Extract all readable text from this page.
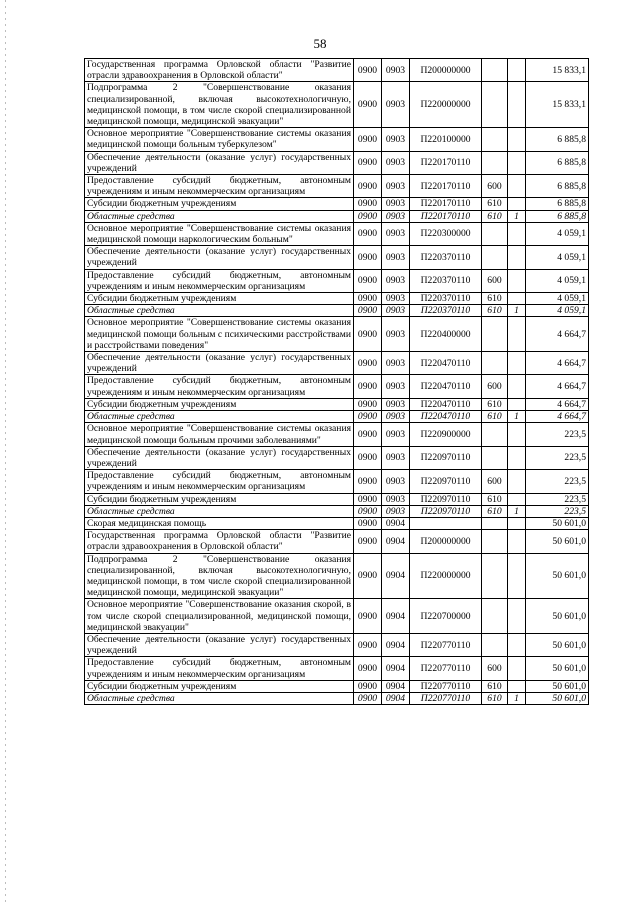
58
Государственная программа Орловской области "Развитие отрасли здравоохранения в Орловской области"	0900	0903	П200000000			15 833,1
Подпрограмма 2 "Совершенствование оказания специализированной, включая высокотехнологичную, медицинской помощи, в том числе скорой специализированной медицинской помощи, медицинской эвакуации"	0900	0903	П220000000			15 833,1
Основное мероприятие "Совершенствование системы оказания медицинской помощи больным туберкулезом"	0900	0903	П220100000			6 885,8
Обеспечение деятельности (оказание услуг) государственных учреждений	0900	0903	П220170110			6 885,8
Предоставление субсидий бюджетным, автономным учреждениям и иным некоммерческим организациям	0900	0903	П220170110	600		6 885,8
Субсидии бюджетным учреждениям	0900	0903	П220170110	610		6 885,8
Областные средства	0900	0903	П220170110	610	1	6 885,8
Основное мероприятие "Совершенствование системы оказания медицинской помощи наркологическим больным"	0900	0903	П220300000			4 059,1
Обеспечение деятельности (оказание услуг) государственных учреждений	0900	0903	П220370110			4 059,1
Предоставление субсидий бюджетным, автономным учреждениям и иным некоммерческим организациям	0900	0903	П220370110	600		4 059,1
Субсидии бюджетным учреждениям	0900	0903	П220370110	610		4 059,1
Областные средства	0900	0903	П220370110	610	1	4 059,1
Основное мероприятие "Совершенствование системы оказания медицинской помощи больным с психическими расстройствами и расстройствами поведения"	0900	0903	П220400000			4 664,7
Обеспечение деятельности (оказание услуг) государственных учреждений	0900	0903	П220470110			4 664,7
Предоставление субсидий бюджетным, автономным учреждениям и иным некоммерческим организациям	0900	0903	П220470110	600		4 664,7
Субсидии бюджетным учреждениям	0900	0903	П220470110	610		4 664,7
Областные средства	0900	0903	П220470110	610	1	4 664,7
Основное мероприятие "Совершенствование системы оказания медицинской помощи больным прочими заболеваниями"	0900	0903	П220900000			223,5
Обеспечение деятельности (оказание услуг) государственных учреждений	0900	0903	П220970110			223,5
Предоставление субсидий бюджетным, автономным учреждениям и иным некоммерческим организациям	0900	0903	П220970110	600		223,5
Субсидии бюджетным учреждениям	0900	0903	П220970110	610		223,5
Областные средства	0900	0903	П220970110	610	1	223,5
Скорая медицинская помощь	0900	0904				50 601,0
Государственная программа Орловской области "Развитие отрасли здравоохранения в Орловской области"	0900	0904	П200000000			50 601,0
Подпрограмма 2 "Совершенствование оказания специализированной, включая высокотехнологичную, медицинской помощи, в том числе скорой специализированной медицинской помощи, медицинской эвакуации"	0900	0904	П220000000			50 601,0
Основное мероприятие "Совершенствование оказания скорой, в том числе скорой специализированной, медицинской помощи, медицинской эвакуации"	0900	0904	П220700000			50 601,0
Обеспечение деятельности (оказание услуг) государственных учреждений	0900	0904	П220770110			50 601,0
Предоставление субсидий бюджетным, автономным учреждениям и иным некоммерческим организациям	0900	0904	П220770110	600		50 601,0
Субсидии бюджетным учреждениям	0900	0904	П220770110	610		50 601,0
Областные средства	0900	0904	П220770110	610	1	50 601,0
